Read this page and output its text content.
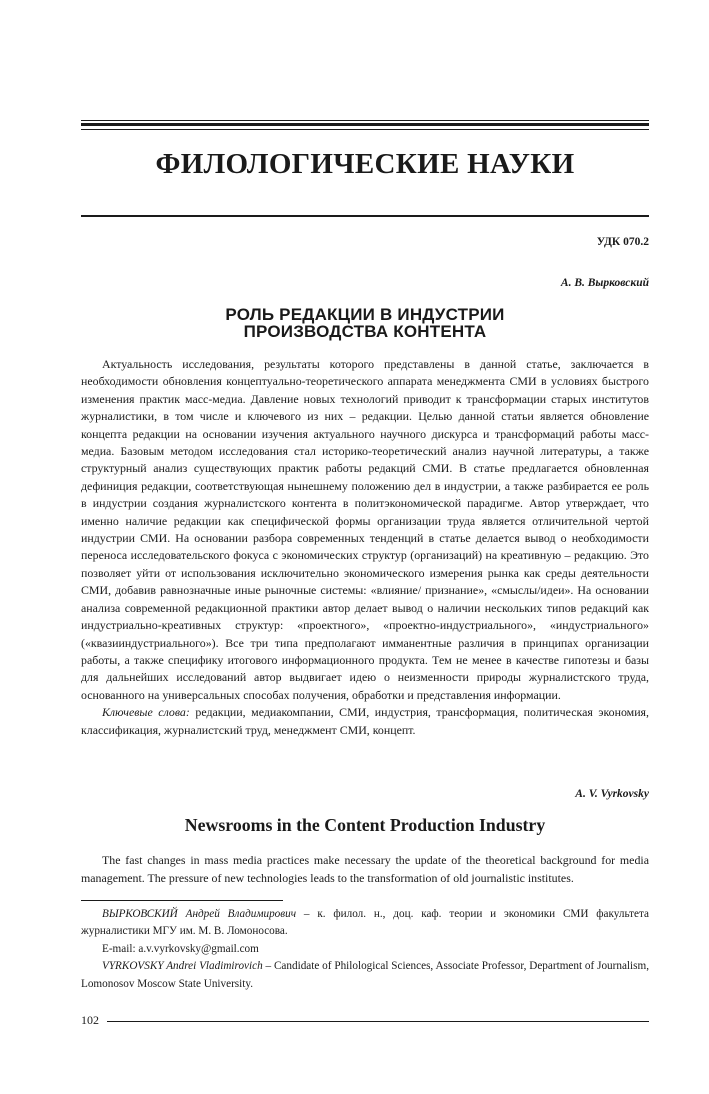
ФИЛОЛОГИЧЕСКИЕ НАУКИ
УДК 070.2
А. В. Вырковский
РОЛЬ РЕДАКЦИИ В ИНДУСТРИИ
ПРОИЗВОДСТВА КОНТЕНТА

Актуальность исследования, результаты которого представлены в данной статье, заключается в необходимости обновления концептуально-теоретического аппарата менеджмента СМИ в условиях быстрого изменения практик масс-медиа. Давление новых технологий приводит к трансформации старых институтов журналистики, в том числе и ключевого из них – редакции. Целью данной статьи является обновление концепта редакции на основании изучения актуального научного дискурса и трансформаций работы масс-медиа. Базовым методом исследования стал историко-теоретический анализ научной литературы, а также структурный анализ существующих практик работы редакций СМИ. В статье предлагается обновленная дефиниция редакции, соответствующая нынешнему положению дел в индустрии, а также разбирается ее роль в индустрии создания журналистского контента в политэкономической парадигме. Автор утверждает, что именно наличие редакции как специфической формы организации труда является отличительной чертой индустрии СМИ. На основании разбора современных тенденций в статье делается вывод о необходимости переноса исследовательского фокуса с экономических структур (организаций) на креативную – редакцию. Это позволяет уйти от использования исключительно экономического измерения рынка как среды деятельности СМИ, добавив равнозначные иные рыночные системы: «влияние/ признание», «смыслы/идеи». На основании анализа современной редакционной практики автор делает вывод о наличии нескольких типов редакций как индустриально-креативных структур: «проектного», «проектно-индустриального», «индустриального» («квазииндустриального»). Все три типа предполагают имманентные различия в принципах организации работы, а также специфику итогового информационного продукта. Тем не менее в качестве гипотезы и базы для дальнейших исследований автор выдвигает идею о неизменности природы журналистского труда, основанного на универсальных способах получения, обработки и представления информации.

Ключевые слова: редакции, медиакомпании, СМИ, индустрия, трансформация, политическая экономия, классификация, журналистский труд, менеджмент СМИ, концепт.

A. V. Vyrkovsky
Newsrooms in the Content Production Industry

The fast changes in mass media practices make necessary the update of the theoretical background for media management. The pressure of new technologies leads to the transformation of old journalistic institutes.

ВЫРКОВСКИЙ Андрей Владимирович – к. филол. н., доц. каф. теории и экономики СМИ факультета журналистики МГУ им. М. В. Ломоносова.

E-mail: a.v.vyrkovsky@gmail.com

VYRKOVSKY Andrei Vladimirovich – Candidate of Philological Sciences, Associate Professor, Department of Journalism, Lomonosov Moscow State University.

102
